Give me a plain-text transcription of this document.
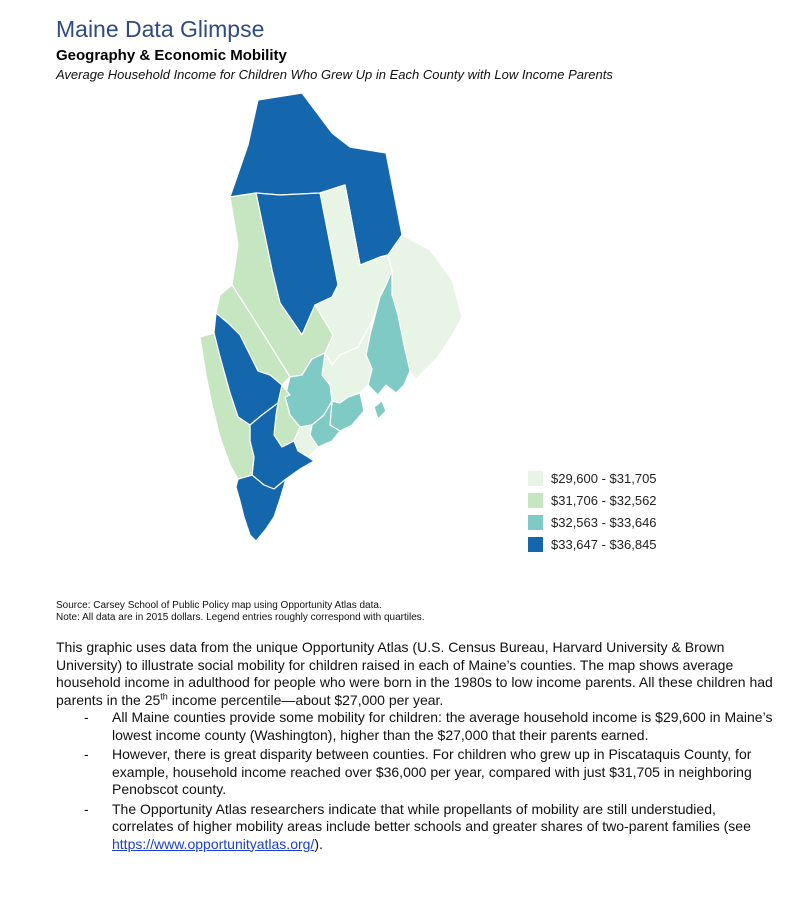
Maine Data Glimpse
Geography & Economic Mobility

Average Household Income for Children Who Grew Up in Each County with Low Income Parents

$29,600 - $31,705
$31,706 - $32,562
$32,563 - $33,646
$33,647 - $36,845
Source: Carsey School of Public Policy map using Opportunity Atlas data.
Note: All data are in 2015 dollars. Legend entries roughly correspond with quartiles.

This graphic uses data from the unique Opportunity Atlas (U.S. Census Bureau, Harvard University & Brown University) to illustrate social mobility for children raised in each of Maine’s counties. The map shows average household income in adulthood for people who were born in the 1980s to low income parents. All these children had parents in the 25th income percentile—about $27,000 per year.

- All Maine counties provide some mobility for children: the average household income is $29,600 in Maine’s lowest income county (Washington), higher than the $27,000 that their parents earned.
- However, there is great disparity between counties. For children who grew up in Piscataquis County, for example, household income reached over $36,000 per year, compared with just $31,705 in neighboring Penobscot county.
- The Opportunity Atlas researchers indicate that while propellants of mobility are still understudied, correlates of higher mobility areas include better schools and greater shares of two-parent families (see https://www.opportunityatlas.org/).
